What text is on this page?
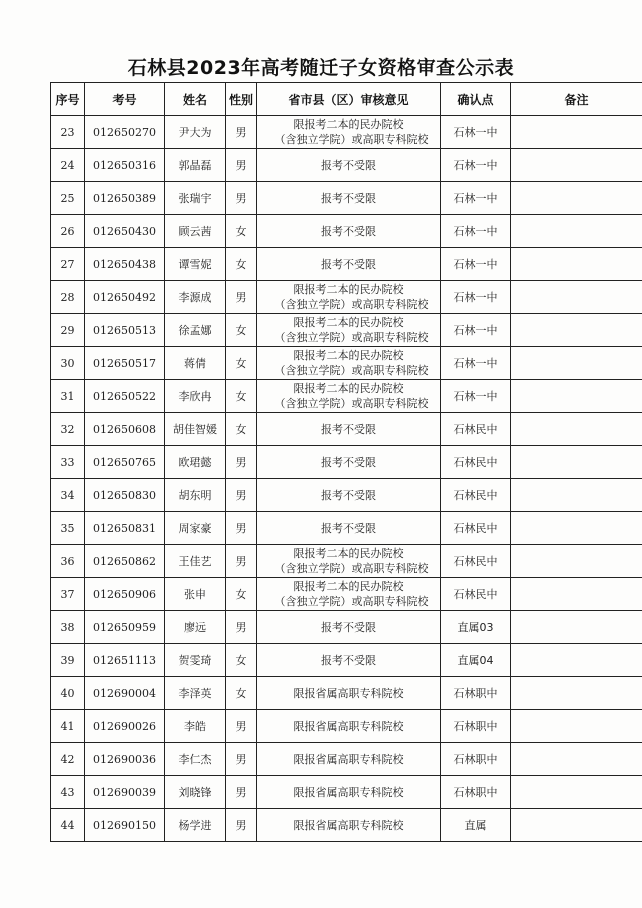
石林县2023年高考随迁子女资格审查公示表
序号	考号	姓名	性别	省市县（区）审核意见	确认点	备注
23	012650270	尹大为	男	限报考二本的民办院校
（含独立学院）或高职专科院校	石林一中	
24	012650316	郭晶磊	男	报考不受限	石林一中	
25	012650389	张瑞宇	男	报考不受限	石林一中	
26	012650430	顾云茜	女	报考不受限	石林一中	
27	012650438	谭雪妮	女	报考不受限	石林一中	
28	012650492	李源成	男	限报考二本的民办院校
（含独立学院）或高职专科院校	石林一中	
29	012650513	徐孟娜	女	限报考二本的民办院校
（含独立学院）或高职专科院校	石林一中	
30	012650517	蒋倩	女	限报考二本的民办院校
（含独立学院）或高职专科院校	石林一中	
31	012650522	李欣冉	女	限报考二本的民办院校
（含独立学院）或高职专科院校	石林一中	
32	012650608	胡佳智媛	女	报考不受限	石林民中	
33	012650765	欧珺懿	男	报考不受限	石林民中	
34	012650830	胡东明	男	报考不受限	石林民中	
35	012650831	周家豪	男	报考不受限	石林民中	
36	012650862	王佳艺	男	限报考二本的民办院校
（含独立学院）或高职专科院校	石林民中	
37	012650906	张申	女	限报考二本的民办院校
（含独立学院）或高职专科院校	石林民中	
38	012650959	廖远	男	报考不受限	直属03	
39	012651113	贺雯琦	女	报考不受限	直属04	
40	012690004	李泽英	女	限报省属高职专科院校	石林职中	
41	012690026	李皓	男	限报省属高职专科院校	石林职中	
42	012690036	李仁杰	男	限报省属高职专科院校	石林职中	
43	012690039	刘晓锋	男	限报省属高职专科院校	石林职中	
44	012690150	杨学进	男	限报省属高职专科院校	直属	
